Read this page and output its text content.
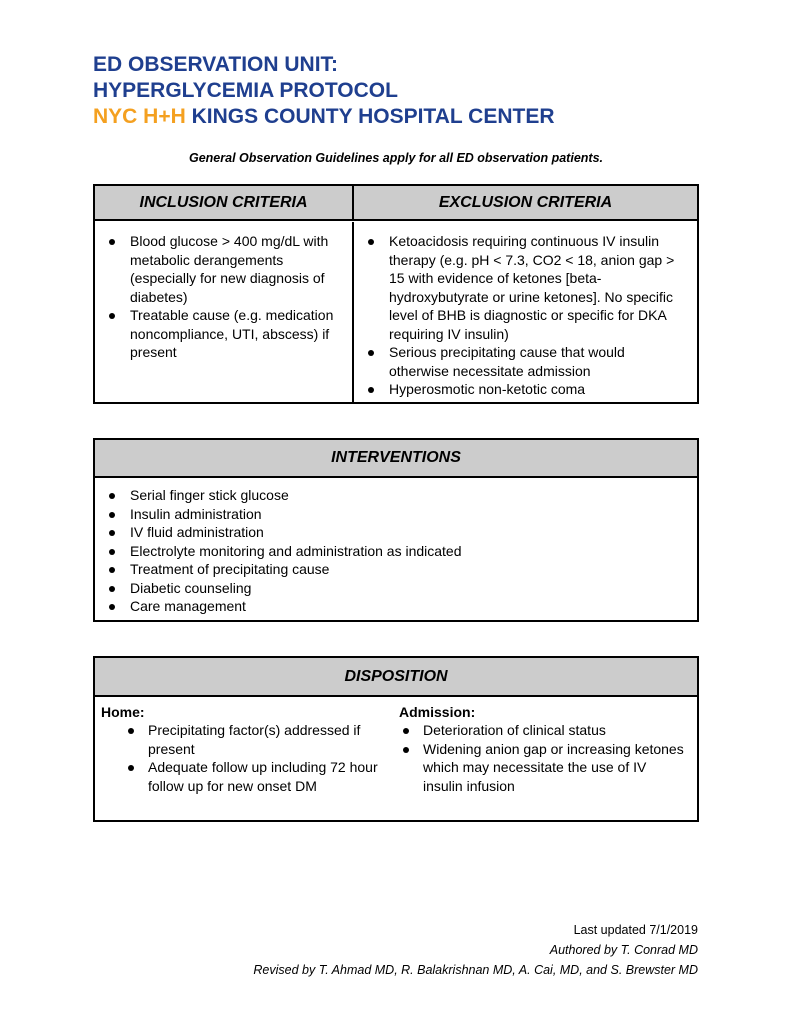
ED OBSERVATION UNIT:
HYPERGLYCEMIA PROTOCOL
NYC H+H KINGS COUNTY HOSPITAL CENTER
General Observation Guidelines apply for all ED observation patients.
INCLUSION CRITERIA	EXCLUSION CRITERIA
Blood glucose > 400 mg/dL with metabolic derangements (especially for new diagnosis of diabetes)
Treatable cause (e.g. medication noncompliance, UTI, abscess) if present
Ketoacidosis requiring continuous IV insulin therapy (e.g. pH < 7.3, CO2 < 18, anion gap > 15 with evidence of ketones [beta-hydroxybutyrate or urine ketones]. No specific level of BHB is diagnostic or specific for DKA requiring IV insulin)
Serious precipitating cause that would otherwise necessitate admission
Hyperosmotic non-ketotic coma
INTERVENTIONS
Serial finger stick glucose
Insulin administration
IV fluid administration
Electrolyte monitoring and administration as indicated
Treatment of precipitating cause
Diabetic counseling
Care management
DISPOSITION
Home:
Precipitating factor(s) addressed if present
Adequate follow up including 72 hour follow up for new onset DM
Admission:
Deterioration of clinical status
Widening anion gap or increasing ketones which may necessitate the use of IV insulin infusion
Last updated 7/1/2019
Authored by T. Conrad MD
Revised by T. Ahmad MD, R. Balakrishnan MD, A. Cai, MD, and S. Brewster MD
